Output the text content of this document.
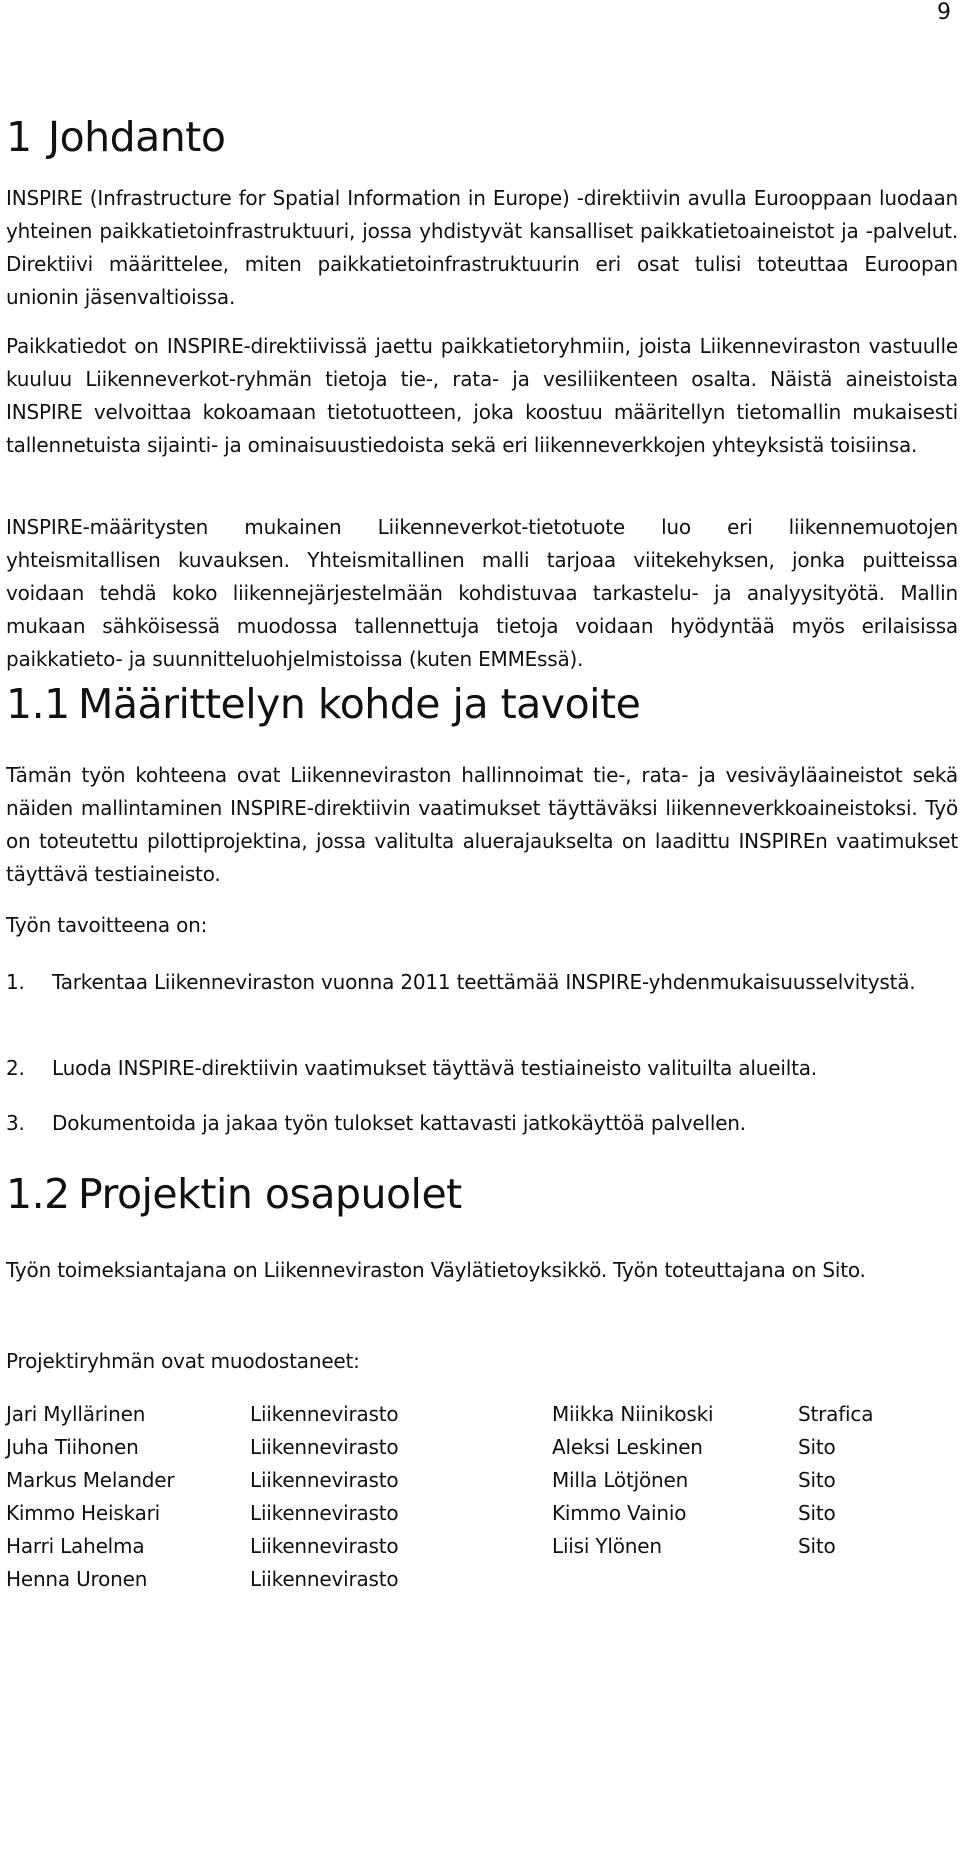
9
1 Johdanto

INSPIRE (Infrastructure for Spatial Information in Europe) -direktiivin avulla Eurooppaan luodaan yhteinen paikkatietoinfrastruktuuri, jossa yhdistyvät kansalliset paikkatietoaineistot ja -palvelut. Direktiivi määrittelee, miten paikkatietoinfrastruktuurin eri osat tulisi toteuttaa Euroopan unionin jäsenvaltioissa.

Paikkatiedot on INSPIRE-direktiivissä jaettu paikkatietoryhmiin, joista Liikenneviraston vastuulle kuuluu Liikenneverkot-ryhmän tietoja tie-, rata- ja vesiliikenteen osalta. Näistä aineistoista INSPIRE velvoittaa kokoamaan tietotuotteen, joka koostuu määritellyn tietomallin mukaisesti tallennetuista sijainti- ja ominaisuustiedoista sekä eri liikenneverkkojen yhteyksistä toisiinsa.

INSPIRE-määritysten mukainen Liikenneverkot-tietotuote luo eri liikennemuotojen yhteismitallisen kuvauksen. Yhteismitallinen malli tarjoaa viitekehyksen, jonka puitteissa voidaan tehdä koko liikennejärjestelmään kohdistuvaa tarkastelu- ja analyysityötä. Mallin mukaan sähköisessä muodossa tallennettuja tietoja voidaan hyödyntää myös erilaisissa paikkatieto- ja suunnitteluohjelmistoissa (kuten EMMEssä).

1.1 Määrittelyn kohde ja tavoite

Tämän työn kohteena ovat Liikenneviraston hallinnoimat tie-, rata- ja vesiväyläaineistot sekä näiden mallintaminen INSPIRE-direktiivin vaatimukset täyttäväksi liikenneverkkoaineistoksi. Työ on toteutettu pilottiprojektina, jossa valitulta aluerajaukselta on laadittu INSPIREn vaatimukset täyttävä testiaineisto.

Työn tavoitteena on:

1. Tarkentaa Liikenneviraston vuonna 2011 teettämää INSPIRE-yhdenmukaisuusselvitystä.
2. Luoda INSPIRE-direktiivin vaatimukset täyttävä testiaineisto valituilta alueilta.
3. Dokumentoida ja jakaa työn tulokset kattavasti jatkokäyttöä palvellen.
1.2 Projektin osapuolet

Työn toimeksiantajana on Liikenneviraston Väylätietoyksikkö. Työn toteuttajana on Sito.

Projektiryhmän ovat muodostaneet:

Jari Myllärinen	Liikennevirasto	Miikka Niinikoski	Strafica
Juha Tiihonen	Liikennevirasto	Aleksi Leskinen	Sito
Markus Melander	Liikennevirasto	Milla Lötjönen	Sito
Kimmo Heiskari	Liikennevirasto	Kimmo Vainio	Sito
Harri Lahelma	Liikennevirasto	Liisi Ylönen	Sito
Henna Uronen	Liikennevirasto
